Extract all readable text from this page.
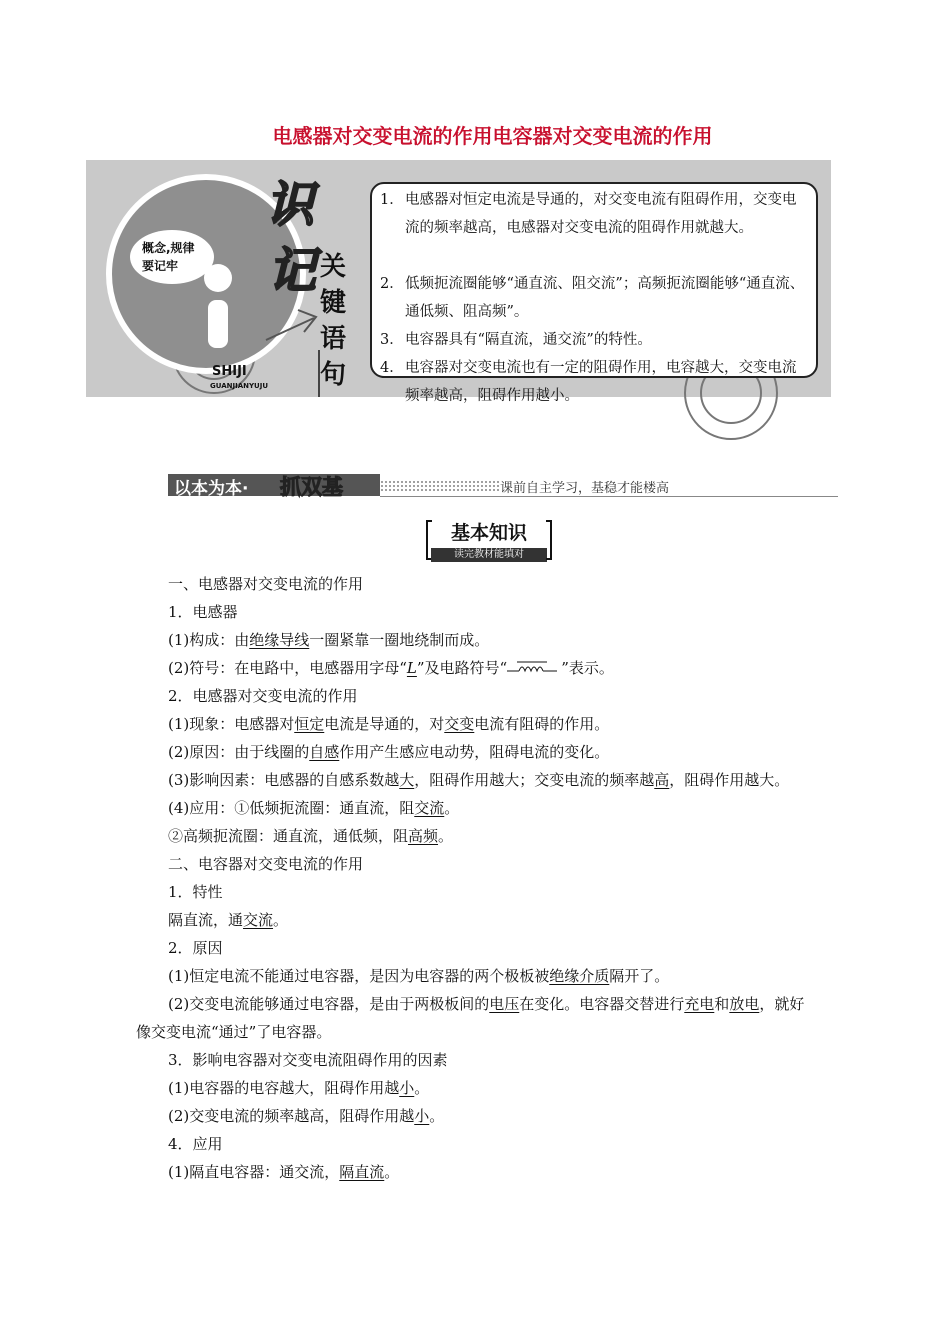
电感器对交变电流的作用电容器对交变电流的作用
概念,规律
要记牢
SHIJI
GUANJIANYUJU
识
记 关
键
语
句
1． 电感器对恒定电流是导通的，对交变电流有阻碍作用，交变电流的频率越高，电感器对交变电流的阻碍作用就越大。
2． 低频扼流圈能够“通直流、阻交流”；高频扼流圈能够“通直流、通低频、阻高频”。
3． 电容器具有“隔直流，通交流”的特性。
4． 电容器对交变电流也有一定的阻碍作用，电容越大，交变电流频率越高，阻碍作用越小。
以本为本· 抓双基	课前自主学习，基稳才能楼高
基本知识
读完教材能填对

一、电感器对交变电流的作用

1．电感器

(1)构成：由绝缘导线一圈紧靠一圈地绕制而成。

(2)符号：在电路中，电感器用字母“L”及电路符号“	”表示。

2．电感器对交变电流的作用

(1)现象：电感器对恒定电流是导通的，对交变电流有阻碍的作用。

(2)原因：由于线圈的自感作用产生感应电动势，阻碍电流的变化。

(3)影响因素：电感器的自感系数越大，阻碍作用越大；交变电流的频率越高，阻碍作用越大。

(4)应用：①低频扼流圈：通直流，阻交流。

②高频扼流圈：通直流，通低频，阻高频。

二、电容器对交变电流的作用

1．特性

隔直流，通交流。

2．原因

(1)恒定电流不能通过电容器，是因为电容器的两个极板被绝缘介质隔开了。

(2)交变电流能够通过电容器，是由于两极板间的电压在变化。电容器交替进行充电和放电，就好像交变电流“通过”了电容器。

3．影响电容器对交变电流阻碍作用的因素

(1)电容器的电容越大，阻碍作用越小。

(2)交变电流的频率越高，阻碍作用越小。

4．应用

(1)隔直电容器：通交流，隔直流。
